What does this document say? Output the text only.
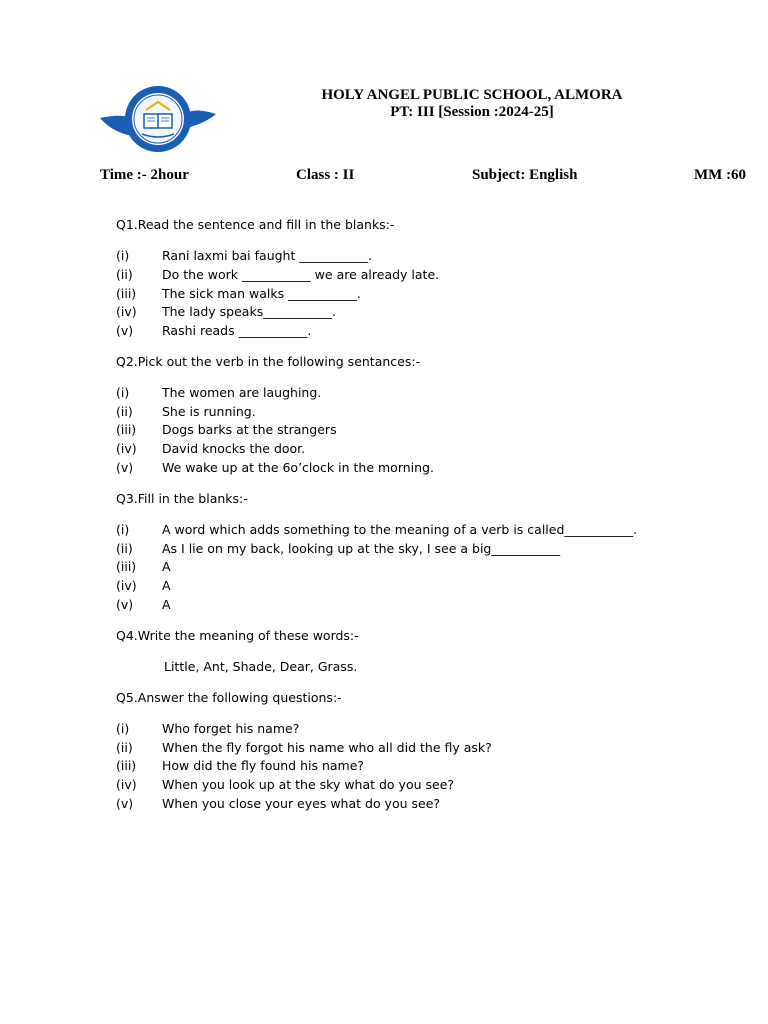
HOLY ANGEL PUBLIC SCHOOL, ALMORA
PT: III [Session :2024-25]
Time :- 2hour	Class : II	Subject: English	MM :60
Q1.Read the sentence and fill in the blanks:-
(i)	Rani laxmi bai faught ___________.
(ii) Do the work ___________ we are already late.
(iii) The sick man walks ___________.
(iv) The lady speaks___________.
(v) Rashi reads ___________.
Q2.Pick out the verb in the following sentances:-
(i)	The women are laughing.
(ii) She is running.
(iii) Dogs barks at the strangers
(iv) David knocks the door.
(v) We wake up at the 6o’clock in the morning.
Q3.Fill in the blanks:-
(i)	A word which adds something to the meaning of a verb is called___________.
(ii) As I lie on my back, looking up at the sky, I see a big___________
(iii) A
(iv) A
(v) A
Q4.Write the meaning of these words:-
Little, Ant, Shade, Dear, Grass.
Q5.Answer the following questions:-
(i)	Who forget his name?
(ii) When the fly forgot his name who all did the fly ask?
(iii) How did the fly found his name?
(iv) When you look up at the sky what do you see?
(v) When you close your eyes what do you see?
